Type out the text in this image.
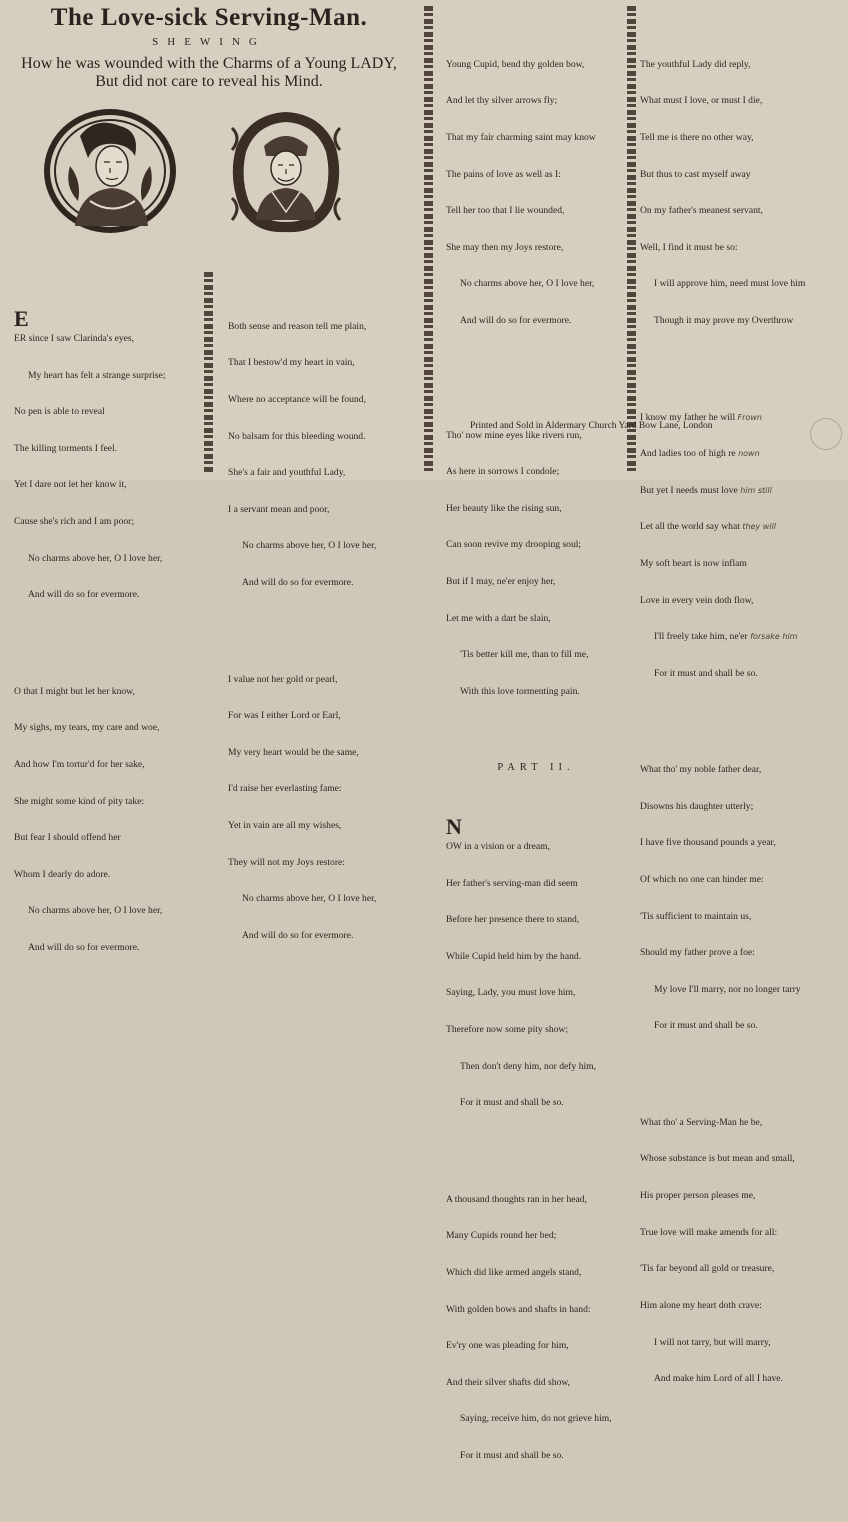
The Love-sick Serving-Man.
SHEWING
How he was wounded with the Charms of a Young LADY,
But did not care to reveal his Mind.

E

ER since I saw Clarinda's eyes,

My heart has felt a strange surprise;

No pen is able to reveal

The killing torments I feel.

Yet I dare not let her know it,

Cause she's rich and I am poor;

No charms above her, O I love her,

And will do so for evermore.

O that I might but let her know,

My sighs, my tears, my care and woe,

And how I'm tortur'd for her sake,

She might some kind of pity take:

But fear I should offend her

Whom I dearly do adore.

No charms above her, O I love her,

And will do so for evermore.

Both sense and reason tell me plain,

That I bestow'd my heart in vain,

Where no acceptance will be found,

No balsam for this bleeding wound.

She's a fair and youthful Lady,

I a servant mean and poor,

No charms above her, O I love her,

And will do so for evermore.

I value not her gold or pearl,

For was I either Lord or Earl,

My very heart would be the same,

I'd raise her everlasting fame:

Yet in vain are all my wishes,

They will not my Joys restore:

No charms above her, O I love her,

And will do so for evermore.

Young Cupid, bend thy golden bow,

And let thy silver arrows fly;

That my fair charming saint may know

The pains of love as well as I:

Tell her too that I lie wounded,

She may then my Joys restore,

No charms above her, O I love her,

And will do so for evermore.

Tho' now mine eyes like rivers run,

As here in sorrows I condole;

Her beauty like the rising sun,

Can soon revive my drooping soul;

But if I may, ne'er enjoy her,

Let me with a dart be slain,

'Tis better kill me, than to fill me,

With this love tormenting pain.

PART II.

N

OW in a vision or a dream,

Her father's serving-man did seem

Before her presence there to stand,

While Cupid held him by the hand.

Saying, Lady, you must love him,

Therefore now some pity show;

Then don't deny him, nor defy him,

For it must and shall be so.

A thousand thoughts ran in her head,

Many Cupids round her bed;

Which did like armed angels stand,

With golden bows and shafts in hand:

Ev'ry one was pleading for him,

And their silver shafts did show,

Saying, receive him, do not grieve him,

For it must and shall be so.

The youthful Lady did reply,

What must I love, or must I die,

Tell me is there no other way,

But thus to cast myself away

On my father's meanest servant,

Well, I find it must be so:

I will approve him, need must love him

Though it may prove my Overthrow

I know my father he will Frown

And ladies too of high re nown

But yet I needs must love him still

Let all the world say what they will

My soft heart is now inflam

Love in every vein doth flow,

I'll freely take him, ne'er forsake him

For it must and shall be so.

What tho' my noble father dear,

Disowns his daughter utterly;

I have five thousand pounds a year,

Of which no one can hinder me:

'Tis sufficient to maintain us,

Should my father prove a foe:

My love I'll marry, nor no longer tarry

For it must and shall be so.

What tho' a Serving-Man he be,

Whose substance is but mean and small,

His proper person pleases me,

True love will make amends for all:

'Tis far beyond all gold or treasure,

Him alone my heart doth crave:

I will not tarry, but will marry,

And make him Lord of all I have.

Printed and Sold in Aldermary Church Yard Bow Lane, London
